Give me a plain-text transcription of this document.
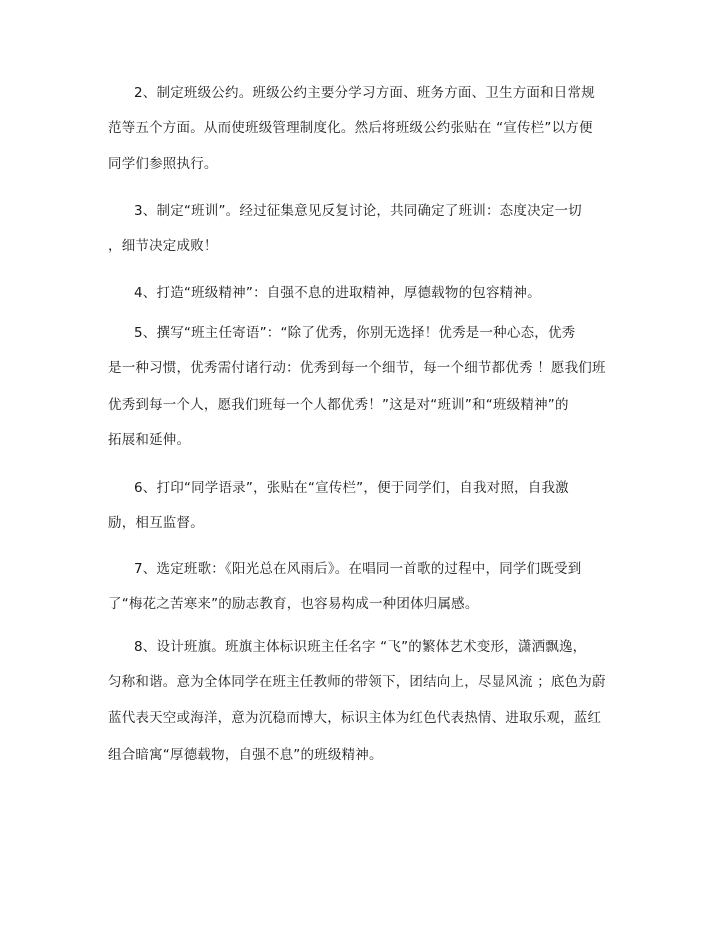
2、制定班级公约。班级公约主要分学习方面、班务方面、卫生方面和日常规
范等五个方面。从而使班级管理制度化。然后将班级公约张贴在 “宣传栏”以方便
同学们参照执行。
3、制定“班训”。经过征集意见反复讨论，共同确定了班训：态度决定一切
，细节决定成败！
4、打造“班级精神”：自强不息的进取精神，厚德载物的包容精神。
5、撰写“班主任寄语”：“除了优秀，你别无选择！优秀是一种心态，优秀
是一种习惯，优秀需付诸行动：优秀到每一个细节，每一个细节都优秀 ！愿我们班
优秀到每一个人，愿我们班每一个人都优秀！”这是对“班训”和“班级精神”的
拓展和延伸。
6、打印“同学语录”，张贴在“宣传栏”，便于同学们，自我对照，自我激
励，相互监督。
7、选定班歌：《阳光总在风雨后》。在唱同一首歌的过程中，同学们既受到
了“梅花之苦寒来”的励志教育，也容易构成一种团体归属感。
8、设计班旗。班旗主体标识班主任名字 “飞”的繁体艺术变形，潇洒飘逸，
匀称和谐。意为全体同学在班主任教师的带领下，团结向上，尽显风流 ；底色为蔚
蓝代表天空或海洋，意为沉稳而博大，标识主体为红色代表热情、进取乐观，蓝红
组合暗寓“厚德载物，自强不息”的班级精神。
